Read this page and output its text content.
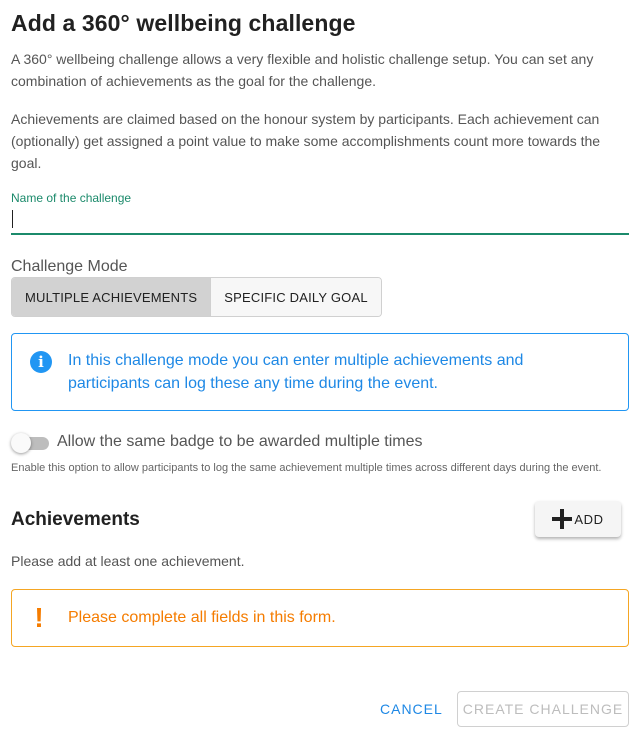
Add a 360° wellbeing challenge

A 360° wellbeing challenge allows a very flexible and holistic challenge setup. You can set any combination of achievements as the goal for the challenge.

Achievements are claimed based on the honour system by participants. Each achievement can (optionally) get assigned a point value to make some accomplishments count more towards the goal.

Name of the challenge
Challenge Mode
MULTIPLE ACHIEVEMENTS	SPECIFIC DAILY GOAL
i	In this challenge mode you can enter multiple achievements and participants can log these any time during the event.
Allow the same badge to be awarded multiple times
Enable this option to allow participants to log the same achievement multiple times across different days during the event.
Achievements	ADD
Please add at least one achievement.
! Please complete all fields in this form.
CANCEL	CREATE CHALLENGE
